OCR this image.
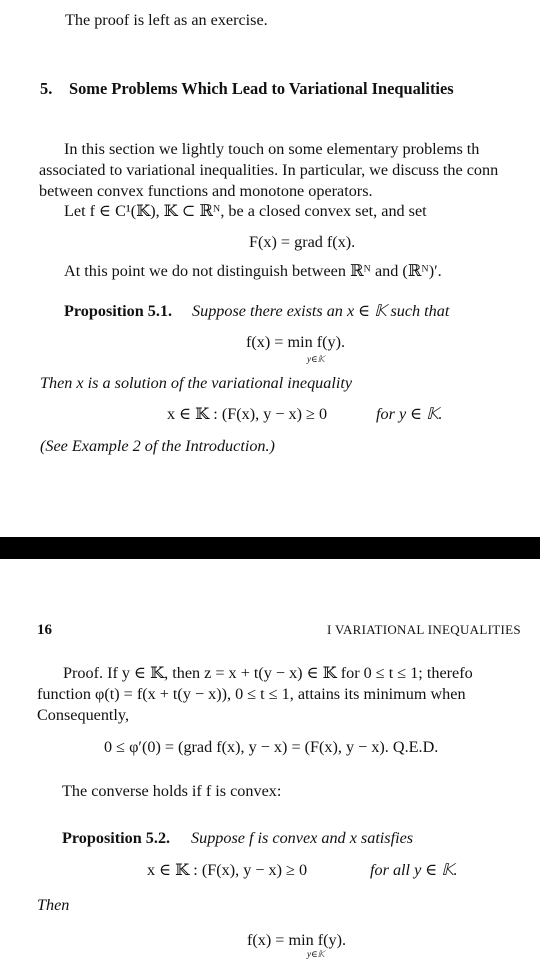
The proof is left as an exercise.
5. Some Problems Which Lead to Variational Inequalities
In this section we lightly touch on some elementary problems th
associated to variational inequalities. In particular, we discuss the conn
between convex functions and monotone operators.
Let f ∈ C¹(𝕂), 𝕂 ⊂ ℝᴺ, be a closed convex set, and set
F(x) = grad f(x).
At this point we do not distinguish between ℝᴺ and (ℝᴺ)′.
Proposition 5.1. Suppose there exists an x ∈ 𝕂 such that
f(x) = min f(y).
y∈𝕂
Then x is a solution of the variational inequality
x ∈ 𝕂 : (F(x), y − x) ≥ 0	for y ∈ 𝕂.
(See Example 2 of the Introduction.)
16	I VARIATIONAL INEQUALITIES
Proof. If y ∈ 𝕂, then z = x + t(y − x) ∈ 𝕂 for 0 ≤ t ≤ 1; therefo
function φ(t) = f(x + t(y − x)), 0 ≤ t ≤ 1, attains its minimum when
Consequently,
0 ≤ φ′(0) = (grad f(x), y − x) = (F(x), y − x). Q.E.D.
The converse holds if f is convex:
Proposition 5.2. Suppose f is convex and x satisfies
x ∈ 𝕂 : (F(x), y − x) ≥ 0	for all y ∈ 𝕂.
Then
f(x) = min f(y).
y∈𝕂
